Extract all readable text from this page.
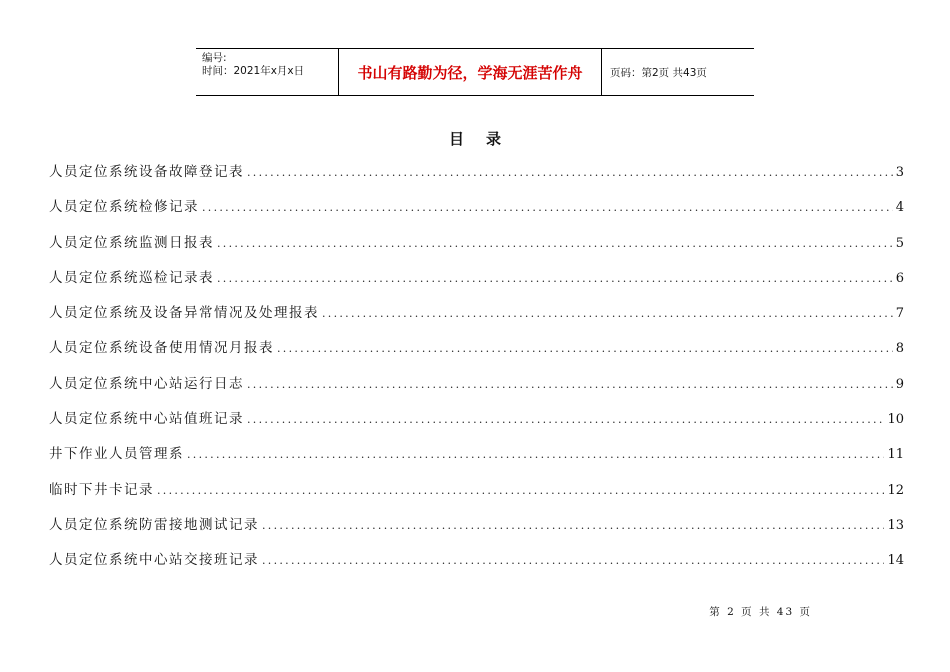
编号:
时间：2021年x月x日	书山有路勤为径，学海无涯苦作舟	页码：第2页 共43页
目录
人员定位系统设备故障登记表 .....	3
人员定位系统检修记录 .....	4
人员定位系统监测日报表 .....	5
人员定位系统巡检记录表 .....	6
人员定位系统及设备异常情况及处理报表 .....	7
人员定位系统设备使用情况月报表 .....	8
人员定位系统中心站运行日志 .....	9
人员定位系统中心站值班记录 .....	10
井下作业人员管理系 .....	11
临时下井卡记录 .....	12
人员定位系统防雷接地测试记录 .....	13
人员定位系统中心站交接班记录 .....	14
第 2 页 共 43 页
